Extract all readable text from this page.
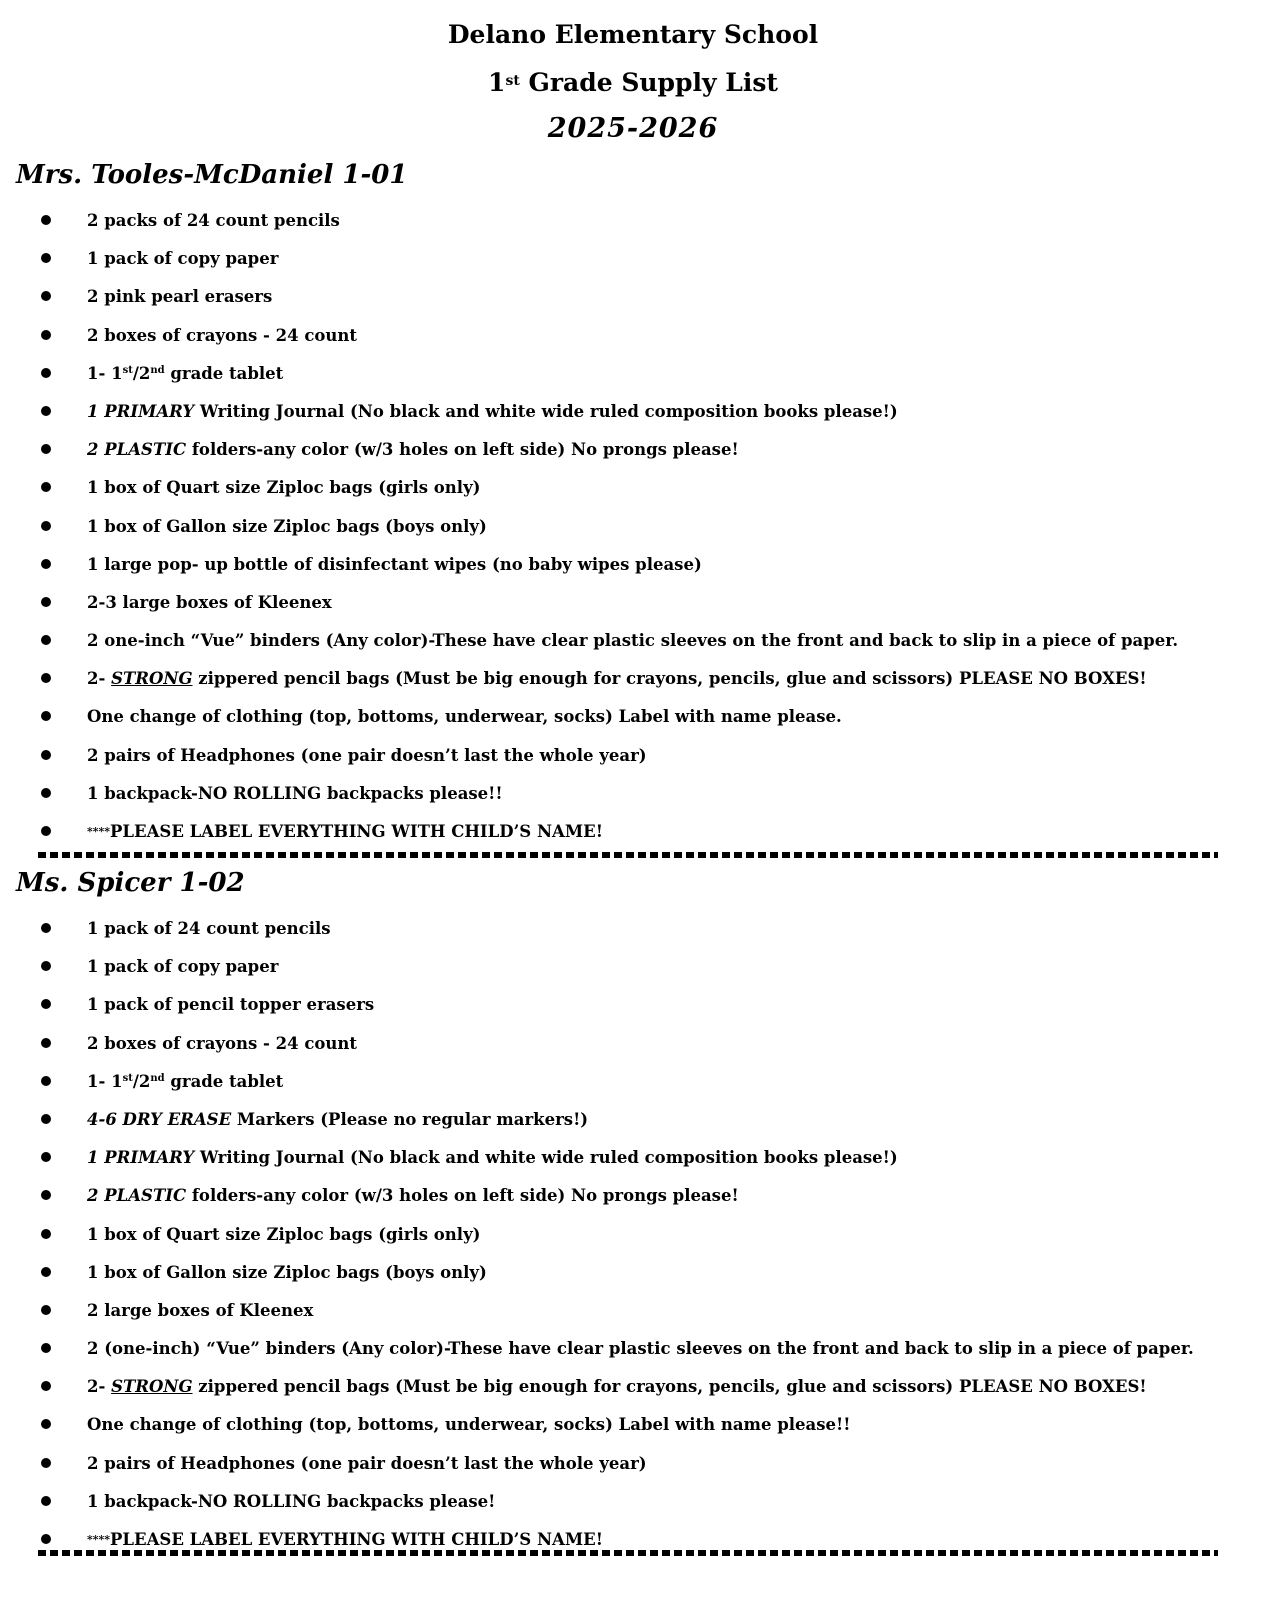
Delano Elementary School
1st Grade Supply List
2025-2026
Mrs. Tooles-McDaniel 1-01
2 packs of 24 count pencils
1 pack of copy paper
2 pink pearl erasers
2 boxes of crayons - 24 count
1- 1st/2nd grade tablet
1 PRIMARY Writing Journal (No black and white wide ruled composition books please!)
2 PLASTIC folders-any color (w/3 holes on left side) No prongs please!
1 box of Quart size Ziploc bags (girls only)
1 box of Gallon size Ziploc bags (boys only)
1 large pop- up bottle of disinfectant wipes (no baby wipes please)
2-3 large boxes of Kleenex
2 one-inch “Vue” binders (Any color)-These have clear plastic sleeves on the front and back to slip in a piece of paper.
2- STRONG zippered pencil bags (Must be big enough for crayons, pencils, glue and scissors) PLEASE NO BOXES!
One change of clothing (top, bottoms, underwear, socks) Label with name please.
2 pairs of Headphones (one pair doesn’t last the whole year)
1 backpack-NO ROLLING backpacks please!!
****PLEASE LABEL EVERYTHING WITH CHILD’S NAME!
Ms. Spicer 1-02
1 pack of 24 count pencils
1 pack of copy paper
1 pack of pencil topper erasers
2 boxes of crayons - 24 count
1- 1st/2nd grade tablet
4-6 DRY ERASE Markers (Please no regular markers!)
1 PRIMARY Writing Journal (No black and white wide ruled composition books please!)
2 PLASTIC folders-any color (w/3 holes on left side) No prongs please!
1 box of Quart size Ziploc bags (girls only)
1 box of Gallon size Ziploc bags (boys only)
2 large boxes of Kleenex
2 (one-inch) “Vue” binders (Any color)-These have clear plastic sleeves on the front and back to slip in a piece of paper.
2- STRONG zippered pencil bags (Must be big enough for crayons, pencils, glue and scissors) PLEASE NO BOXES!
One change of clothing (top, bottoms, underwear, socks) Label with name please!!
2 pairs of Headphones (one pair doesn’t last the whole year)
1 backpack-NO ROLLING backpacks please!
****PLEASE LABEL EVERYTHING WITH CHILD’S NAME!
